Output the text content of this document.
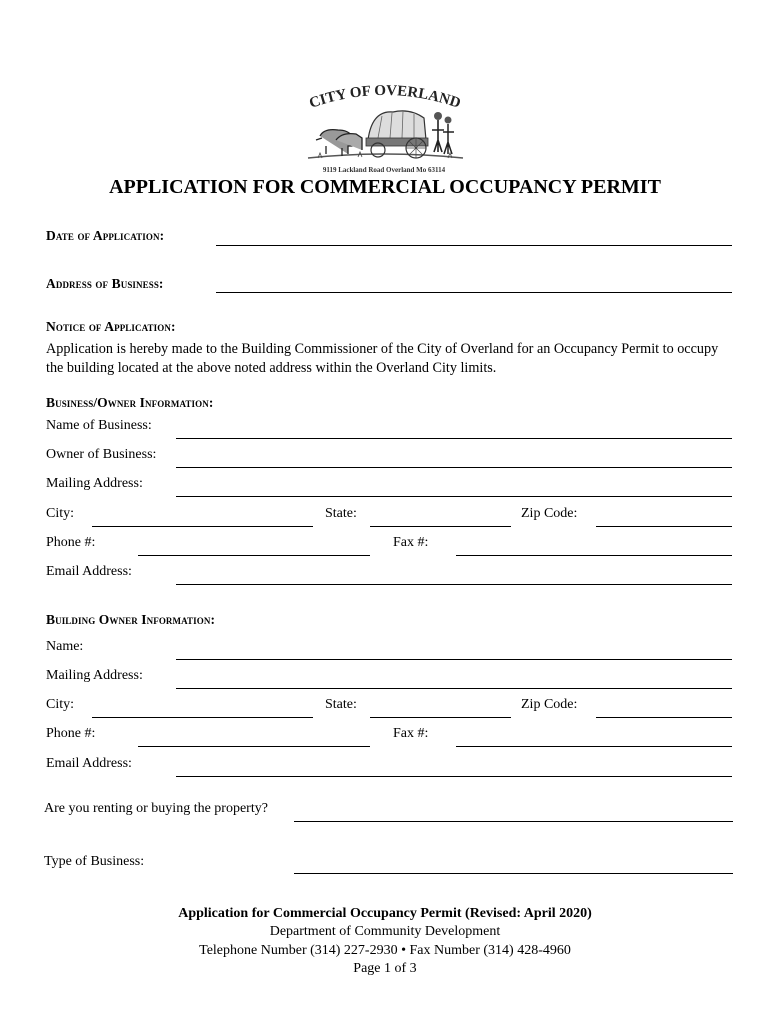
CITY OF OVERLAND
9119 Lackland Road Overland Mo 63114
APPLICATION FOR COMMERCIAL OCCUPANCY PERMIT
Date of Application:
Address of Business:
Notice of Application:
Application is hereby made to the Building Commissioner of the City of Overland for an Occupancy Permit to occupy the building located at the above noted address within the Overland City limits.
Business/Owner Information:
Name of Business:
Owner of Business:
Mailing Address:
City:	State:	Zip Code:
Phone #:	Fax #:
Email Address:
Building Owner Information:
Name:
Mailing Address:
City:	State:	Zip Code:
Phone #:	Fax #:
Email Address:
Are you renting or buying the property?
Type of Business:
Application for Commercial Occupancy Permit (Revised: April 2020)
Department of Community Development
Telephone Number (314) 227-2930 • Fax Number (314) 428-4960
Page 1 of 3
